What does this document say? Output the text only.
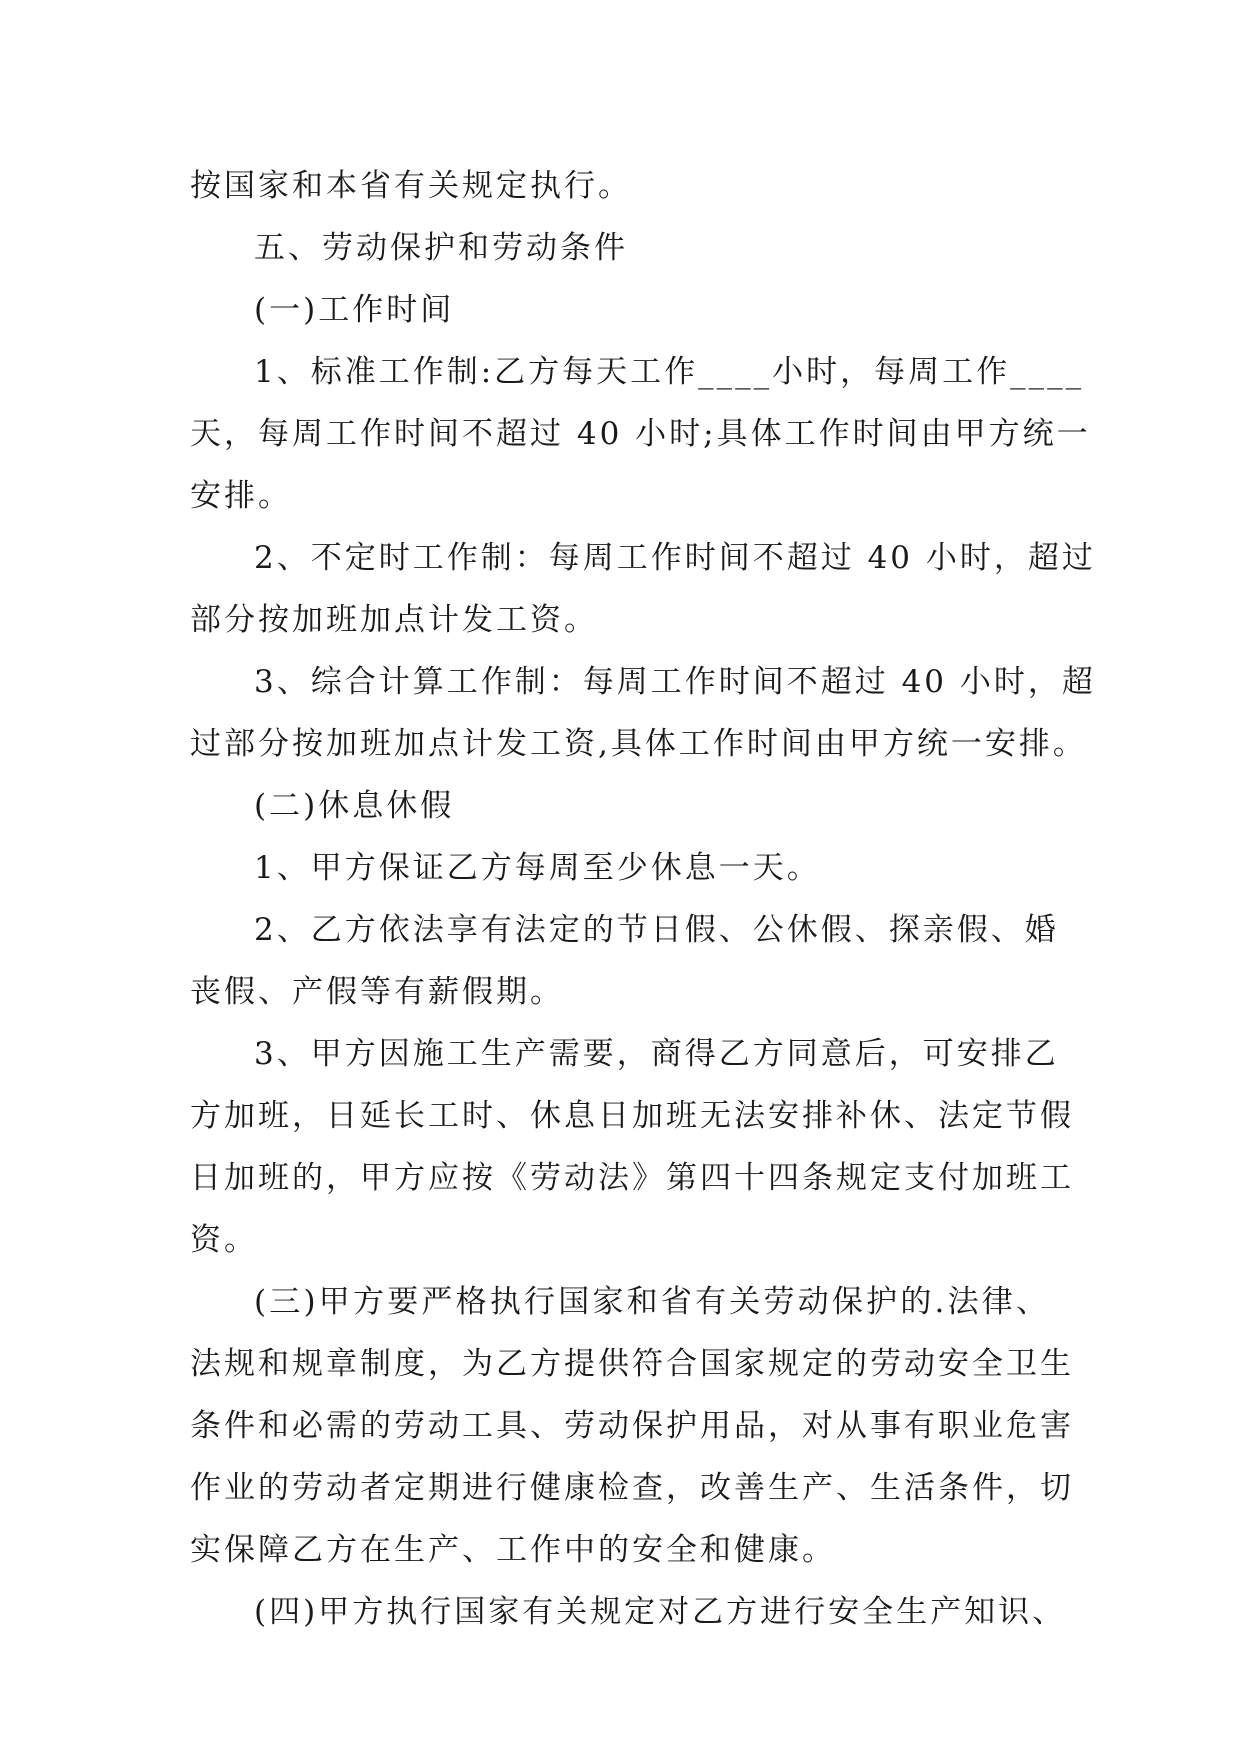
按国家和本省有关规定执行。
五、劳动保护和劳动条件
(一)工作时间
1、标准工作制:乙方每天工作____小时，每周工作____
天，每周工作时间不超过 40 小时;具体工作时间由甲方统一
安排。
2、不定时工作制：每周工作时间不超过 40 小时，超过
部分按加班加点计发工资。
3、综合计算工作制：每周工作时间不超过 40 小时，超
过部分按加班加点计发工资,具体工作时间由甲方统一安排。
(二)休息休假
1、甲方保证乙方每周至少休息一天。
2、乙方依法享有法定的节日假、公休假、探亲假、婚
丧假、产假等有薪假期。
3、甲方因施工生产需要，商得乙方同意后，可安排乙
方加班，日延长工时、休息日加班无法安排补休、法定节假
日加班的，甲方应按《劳动法》第四十四条规定支付加班工
资。
(三)甲方要严格执行国家和省有关劳动保护的.法律、
法规和规章制度，为乙方提供符合国家规定的劳动安全卫生
条件和必需的劳动工具、劳动保护用品，对从事有职业危害
作业的劳动者定期进行健康检查，改善生产、生活条件，切
实保障乙方在生产、工作中的安全和健康。
(四)甲方执行国家有关规定对乙方进行安全生产知识、
